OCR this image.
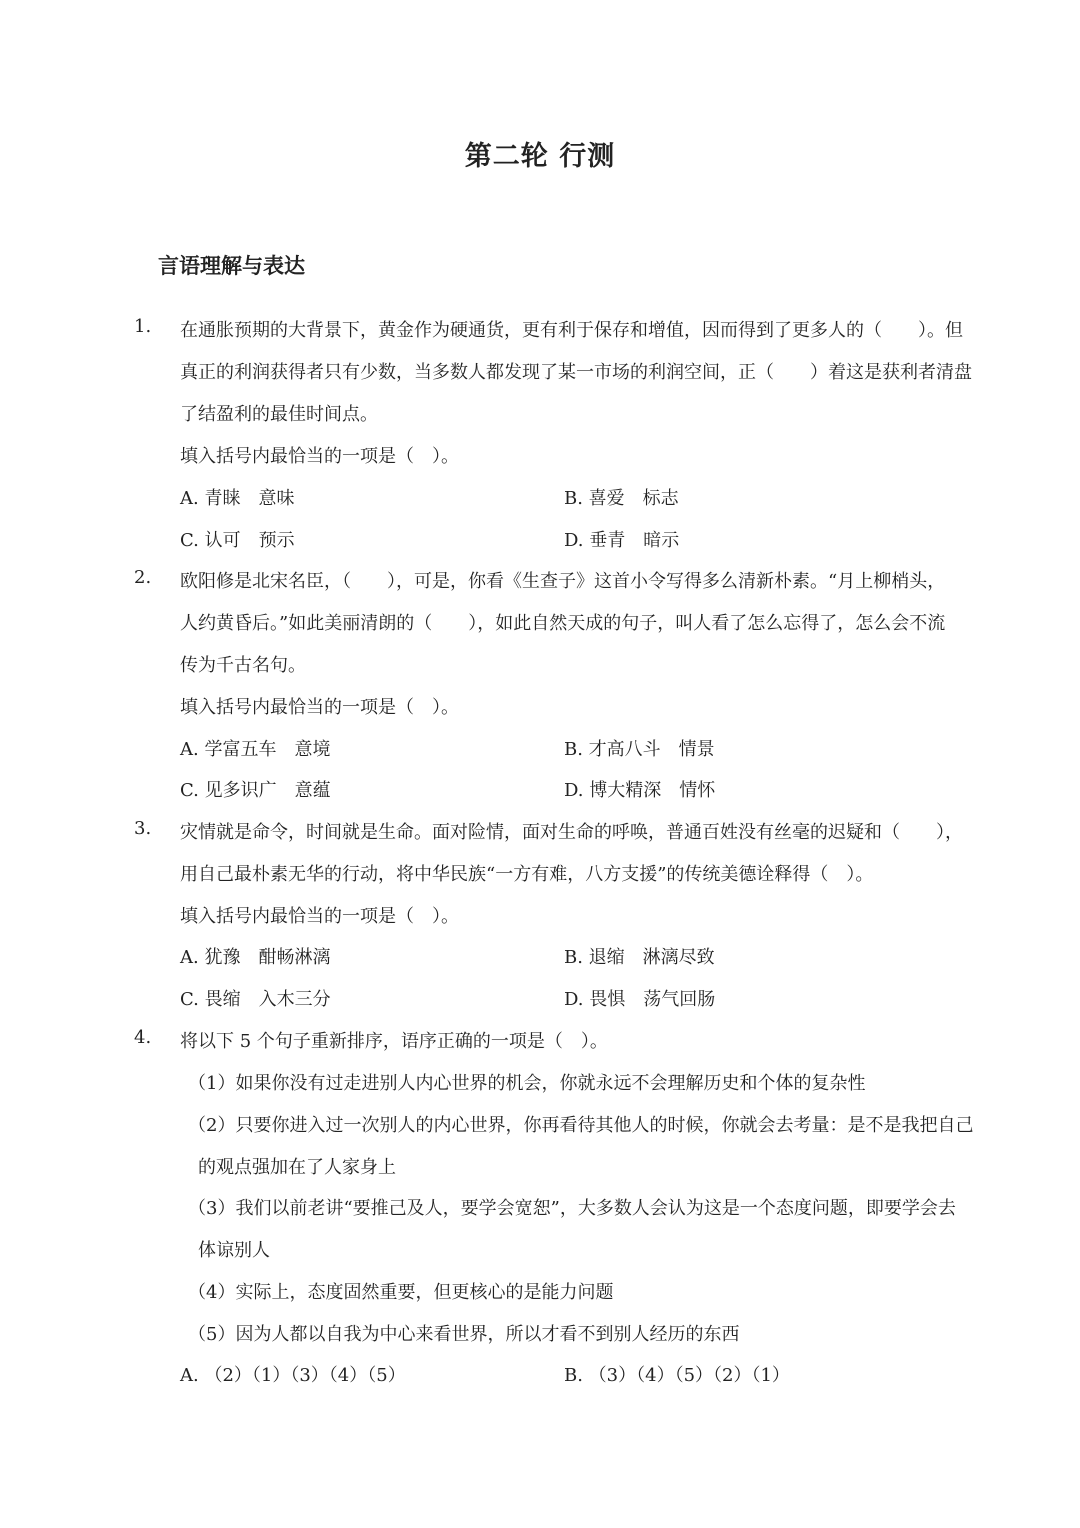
第二轮 行测
言语理解与表达
1. 在通胀预期的大背景下，黄金作为硬通货，更有利于保存和增值，因而得到了更多人的（　　）。但
真正的利润获得者只有少数，当多数人都发现了某一市场的利润空间，正（　　）着这是获利者清盘
了结盈利的最佳时间点。
填入括号内最恰当的一项是（　）。
A. 青睐　意味	B. 喜爱　标志
C. 认可　预示	D. 垂青　暗示
2. 欧阳修是北宋名臣，（　　），可是，你看《生查子》这首小令写得多么清新朴素。“月上柳梢头，
人约黄昏后。”如此美丽清朗的（　　），如此自然天成的句子，叫人看了怎么忘得了，怎么会不流
传为千古名句。
填入括号内最恰当的一项是（　）。
A. 学富五车　意境	B. 才高八斗　情景
C. 见多识广　意蕴	D. 博大精深　情怀
3. 灾情就是命令，时间就是生命。面对险情，面对生命的呼唤，普通百姓没有丝毫的迟疑和（　　），
用自己最朴素无华的行动，将中华民族“一方有难，八方支援”的传统美德诠释得（　）。
填入括号内最恰当的一项是（　）。
A. 犹豫　酣畅淋漓	B. 退缩　淋漓尽致
C. 畏缩　入木三分	D. 畏惧　荡气回肠
4. 将以下 5 个句子重新排序，语序正确的一项是（　）。
（1）如果你没有过走进别人内心世界的机会，你就永远不会理解历史和个体的复杂性
（2）只要你进入过一次别人的内心世界，你再看待其他人的时候，你就会去考量：是不是我把自己
的观点强加在了人家身上
（3）我们以前老讲“要推己及人，要学会宽恕”，大多数人会认为这是一个态度问题，即要学会去
体谅别人
（4）实际上，态度固然重要，但更核心的是能力问题
（5）因为人都以自我为中心来看世界，所以才看不到别人经历的东西
A. （2）（1）（3）（4）（5）	B. （3）（4）（5）（2）（1）
